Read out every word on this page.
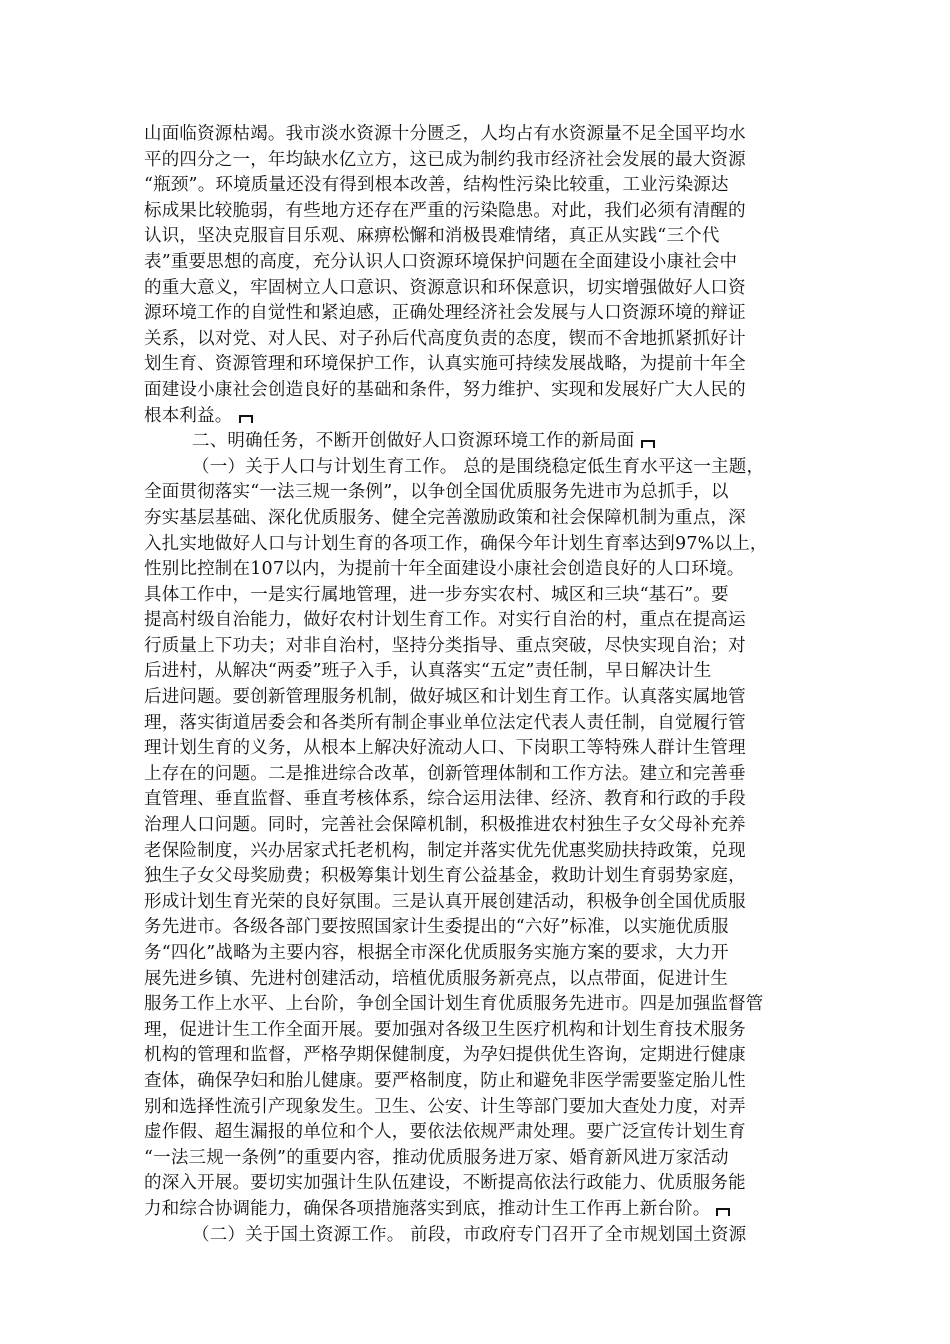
山面临资源枯竭。我市淡水资源十分匮乏，人均占有水资源量不足全国平均水
平的四分之一，年均缺水亿立方，这已成为制约我市经济社会发展的最大资源
“瓶颈”。环境质量还没有得到根本改善，结构性污染比较重，工业污染源达
标成果比较脆弱，有些地方还存在严重的污染隐患。对此，我们必须有清醒的
认识，坚决克服盲目乐观、麻痹松懈和消极畏难情绪，真正从实践“三个代
表”重要思想的高度，充分认识人口资源环境保护问题在全面建设小康社会中
的重大意义，牢固树立人口意识、资源意识和环保意识，切实增强做好人口资
源环境工作的自觉性和紧迫感，正确处理经济社会发展与人口资源环境的辩证
关系，以对党、对人民、对子孙后代高度负责的态度，锲而不舍地抓紧抓好计
划生育、资源管理和环境保护工作，认真实施可持续发展战略，为提前十年全
面建设小康社会创造良好的基础和条件，努力维护、实现和发展好广大人民的
根本利益。
二、明确任务，不断开创做好人口资源环境工作的新局面
（一）关于人口与计划生育工作。 总的是围绕稳定低生育水平这一主题，
全面贯彻落实“一法三规一条例”，以争创全国优质服务先进市为总抓手，以
夯实基层基础、深化优质服务、健全完善激励政策和社会保障机制为重点，深
入扎实地做好人口与计划生育的各项工作，确保今年计划生育率达到97%以上，
性别比控制在107以内，为提前十年全面建设小康社会创造良好的人口环境。
具体工作中，一是实行属地管理，进一步夯实农村、城区和三块“基石”。要
提高村级自治能力，做好农村计划生育工作。对实行自治的村，重点在提高运
行质量上下功夫；对非自治村，坚持分类指导、重点突破，尽快实现自治；对
后进村，从解决“两委”班子入手，认真落实“五定”责任制，早日解决计生
后进问题。要创新管理服务机制，做好城区和计划生育工作。认真落实属地管
理，落实街道居委会和各类所有制企事业单位法定代表人责任制，自觉履行管
理计划生育的义务，从根本上解决好流动人口、下岗职工等特殊人群计生管理
上存在的问题。二是推进综合改革，创新管理体制和工作方法。建立和完善垂
直管理、垂直监督、垂直考核体系，综合运用法律、经济、教育和行政的手段
治理人口问题。同时，完善社会保障机制，积极推进农村独生子女父母补充养
老保险制度，兴办居家式托老机构，制定并落实优先优惠奖励扶持政策，兑现
独生子女父母奖励费；积极筹集计划生育公益基金，救助计划生育弱势家庭，
形成计划生育光荣的良好氛围。三是认真开展创建活动，积极争创全国优质服
务先进市。各级各部门要按照国家计生委提出的“六好”标准，以实施优质服
务“四化”战略为主要内容，根据全市深化优质服务实施方案的要求，大力开
展先进乡镇、先进村创建活动，培植优质服务新亮点，以点带面，促进计生
服务工作上水平、上台阶，争创全国计划生育优质服务先进市。四是加强监督管
理，促进计生工作全面开展。要加强对各级卫生医疗机构和计划生育技术服务
机构的管理和监督，严格孕期保健制度，为孕妇提供优生咨询，定期进行健康
查体，确保孕妇和胎儿健康。要严格制度，防止和避免非医学需要鉴定胎儿性
别和选择性流引产现象发生。卫生、公安、计生等部门要加大查处力度，对弄
虚作假、超生漏报的单位和个人，要依法依规严肃处理。要广泛宣传计划生育
“一法三规一条例”的重要内容，推动优质服务进万家、婚育新风进万家活动
的深入开展。要切实加强计生队伍建设，不断提高依法行政能力、优质服务能
力和综合协调能力，确保各项措施落实到底，推动计生工作再上新台阶。
（二）关于国土资源工作。 前段，市政府专门召开了全市规划国土资源
